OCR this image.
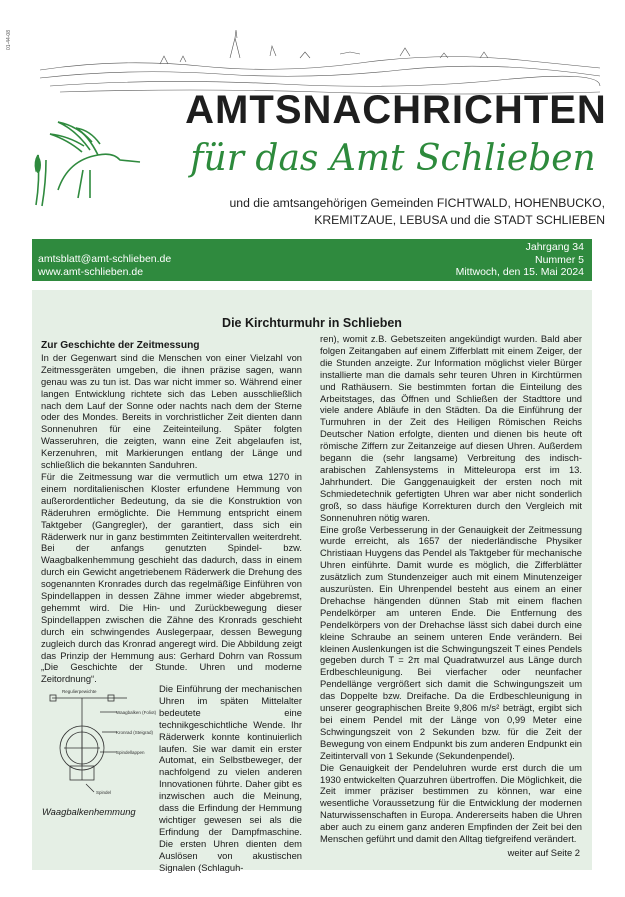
01-44-08
AMTSNACHRICHTEN
für das Amt Schlieben
und die amtsangehörigen Gemeinden FICHTWALD, HOHENBUCKO,
KREMITZAUE, LEBUSA und die STADT SCHLIEBEN
amtsblatt@amt-schlieben.de
www.amt-schlieben.de
Jahrgang 34
Nummer 5
Mittwoch, den 15. Mai 2024
Die Kirchturmuhr in Schlieben

Zur Geschichte der Zeitmessung

In der Gegenwart sind die Menschen von einer Vielzahl von Zeitmessgeräten umgeben, die ihnen präzise sagen, wann genau was zu tun ist. Das war nicht immer so. Während einer langen Entwicklung richtete sich das Leben ausschließlich nach dem Lauf der Sonne oder nachts nach dem der Sterne oder des Mondes. Bereits in vorchristlicher Zeit dienten dann Sonnenuhren für eine Zeiteinteilung. Später folgten Wasseruhren, die zeigten, wann eine Zeit abgelaufen ist, Kerzenuhren, mit Markierungen entlang der Länge und schließlich die bekannten Sanduhren.

Für die Zeitmessung war die vermutlich um etwa 1270 in einem norditalienischen Kloster erfundene Hemmung von außerordentlicher Bedeutung, da sie die Konstruktion von Räderuhren ermöglichte. Die Hemmung entspricht einem Taktgeber (Gangregler), der garantiert, dass sich ein Räderwerk nur in ganz bestimmten Zeitintervallen weiterdreht. Bei der anfangs genutzten Spindel- bzw. Waagbalkenhemmung geschieht das dadurch, dass in einem durch ein Gewicht angetriebenem Räderwerk die Drehung des sogenannten Kronrades durch das regelmäßige Einführen von Spindellappen in dessen Zähne immer wieder abgebremst, gehemmt wird. Die Hin- und Zurückbewegung dieser Spindellappen zwischen die Zähne des Kronrads geschieht durch ein schwingendes Auslegerpaar, dessen Bewegung zugleich durch das Kronrad angeregt wird. Die Abbildung zeigt das Prinzip der Hemmung aus: Gerhard Dohrn van Rossum „Die Geschichte der Stunde. Uhren und moderne Zeitordnung“.

Regulierpewichte
Waagbalken (Foliot)
Kronrad (Steigrad)
Spindellappen
Spindel
Waagbalkenhemmung

Die Einführung der mechanischen Uhren im späten Mittelalter bedeutete eine technikgeschichtliche Wende. Ihr Räderwerk konnte kontinuierlich laufen. Sie war damit ein erster Automat, ein Selbstbeweger, der nachfolgend zu vielen anderen Innovationen führte. Daher gibt es inzwischen auch die Meinung, dass die Erfindung der Hemmung wichtiger gewesen sei als die Erfindung der Dampfmaschine. Die ersten Uhren dienten dem Auslösen von akustischen Signalen (Schlaguh-

ren), womit z.B. Gebetszeiten angekündigt wurden. Bald aber folgen Zeitangaben auf einem Zifferblatt mit einem Zeiger, der die Stunden anzeigte. Zur Information möglichst vieler Bürger installierte man die damals sehr teuren Uhren in Kirchtürmen und Rathäusern. Sie bestimmten fortan die Einteilung des Arbeitstages, das Öffnen und Schließen der Stadttore und viele andere Abläufe in den Städten. Da die Einführung der Turmuhren in der Zeit des Heiligen Römischen Reichs Deutscher Nation erfolgte, dienten und dienen bis heute oft römische Ziffern zur Zeitanzeige auf diesen Uhren. Außerdem begann die (sehr langsame) Verbreitung des indisch-arabischen Zahlensystems in Mitteleuropa erst im 13. Jahrhundert. Die Ganggenauigkeit der ersten noch mit Schmiedetechnik gefertigten Uhren war aber nicht sonderlich groß, so dass häufige Korrekturen durch den Vergleich mit Sonnenuhren nötig waren.

Eine große Verbesserung in der Genauigkeit der Zeitmessung wurde erreicht, als 1657 der niederländische Physiker Christiaan Huygens das Pendel als Taktgeber für mechanische Uhren einführte. Damit wurde es möglich, die Zifferblätter zusätzlich zum Stundenzeiger auch mit einem Minutenzeiger auszurüsten. Ein Uhrenpendel besteht aus einem an einer Drehachse hängenden dünnen Stab mit einem flachen Pendelkörper am unteren Ende. Die Entfernung des Pendelkörpers von der Drehachse lässt sich dabei durch eine kleine Schraube an seinem unteren Ende verändern. Bei kleinen Auslenkungen ist die Schwingungszeit T eines Pendels gegeben durch T = 2π mal Quadratwurzel aus Länge durch Erdbeschleunigung. Bei vierfacher oder neunfacher Pendellänge vergrößert sich damit die Schwingungszeit um das Doppelte bzw. Dreifache. Da die Erdbeschleunigung in unserer geographischen Breite 9,806 m/s² beträgt, ergibt sich bei einem Pendel mit der Länge von 0,99 Meter eine Schwingungszeit von 2 Sekunden bzw. für die Zeit der Bewegung von einem Endpunkt bis zum anderen Endpunkt ein Zeitintervall von 1 Sekunde (Sekundenpendel).

Die Genauigkeit der Pendeluhren wurde erst durch die um 1930 entwickelten Quarzuhren übertroffen. Die Möglichkeit, die Zeit immer präziser bestimmen zu können, war eine wesentliche Voraussetzung für die Entwicklung der modernen Naturwissenschaften in Europa. Andererseits haben die Uhren aber auch zu einem ganz anderen Empfinden der Zeit bei den Menschen geführt und damit den Alltag tiefgreifend verändert.

weiter auf Seite 2
